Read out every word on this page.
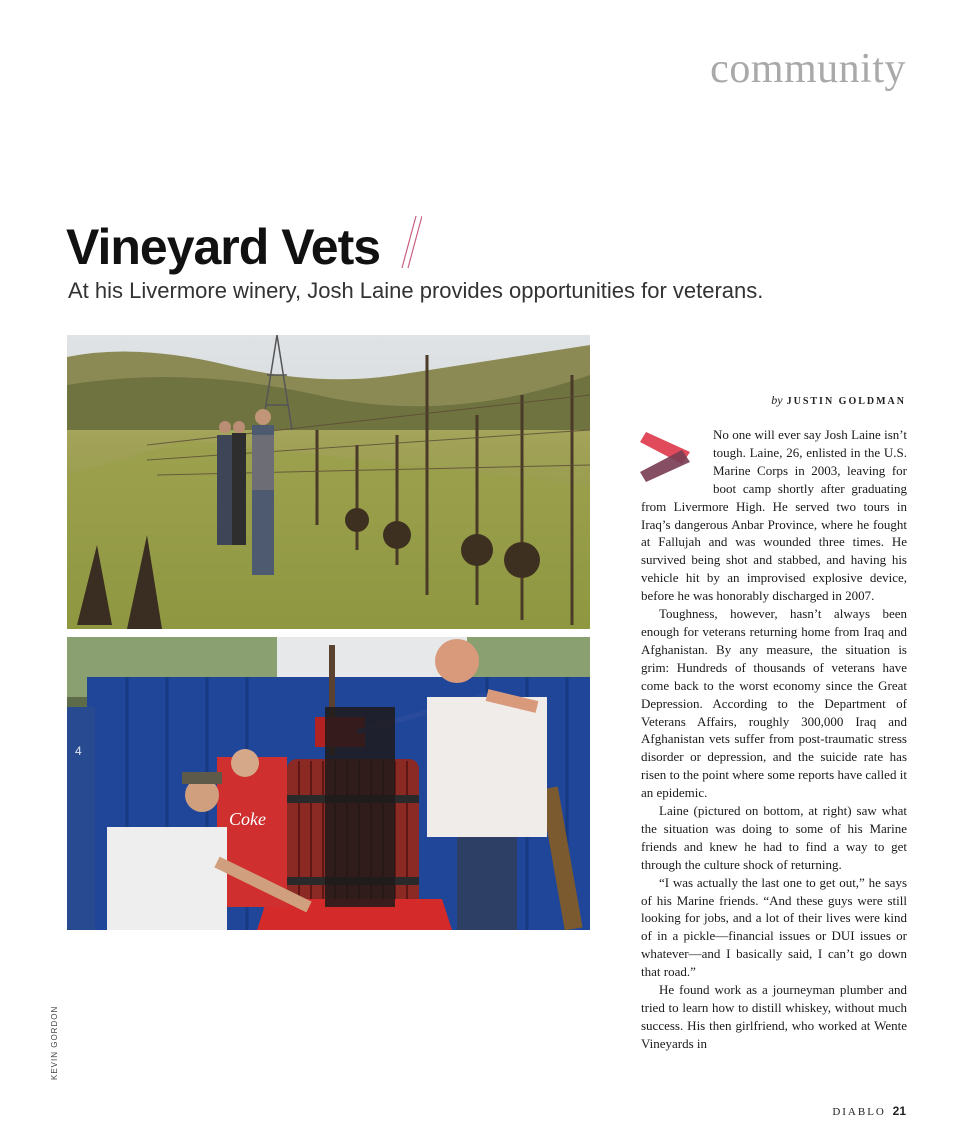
community
Vineyard Vets
At his Livermore winery, Josh Laine provides opportunities for veterans.
4
Coke
by JUSTIN GOLDMAN

No one will ever say Josh Laine isn’t tough. Laine, 26, enlisted in the U.S. Marine Corps in 2003, leaving for boot camp shortly after graduating from Livermore High. He served two tours in Iraq’s dangerous Anbar Province, where he fought at Fallujah and was wounded three times. He survived being shot and stabbed, and having his vehicle hit by an improvised explosive device, before he was honorably discharged in 2007.

Toughness, however, hasn’t always been enough for veterans returning home from Iraq and Afghanistan. By any measure, the situation is grim: Hundreds of thousands of veterans have come back to the worst economy since the Great Depression. According to the Department of Veterans Affairs, roughly 300,000 Iraq and Afghanistan vets suffer from post-traumatic stress disorder or depression, and the suicide rate has risen to the point where some reports have called it an epidemic.

Laine (pictured on bottom, at right) saw what the situation was doing to some of his Marine friends and knew he had to find a way to get through the culture shock of returning.

“I was actually the last one to get out,” he says of his Marine friends. “And these guys were still looking for jobs, and a lot of their lives were kind of in a pickle—financial issues or DUI issues or whatever—and I basically said, I can’t go down that road.”

He found work as a journeyman plumber and tried to learn how to distill whiskey, without much success. His then girlfriend, who worked at Wente Vineyards in

KEVIN GORDON
DIABLO 21
